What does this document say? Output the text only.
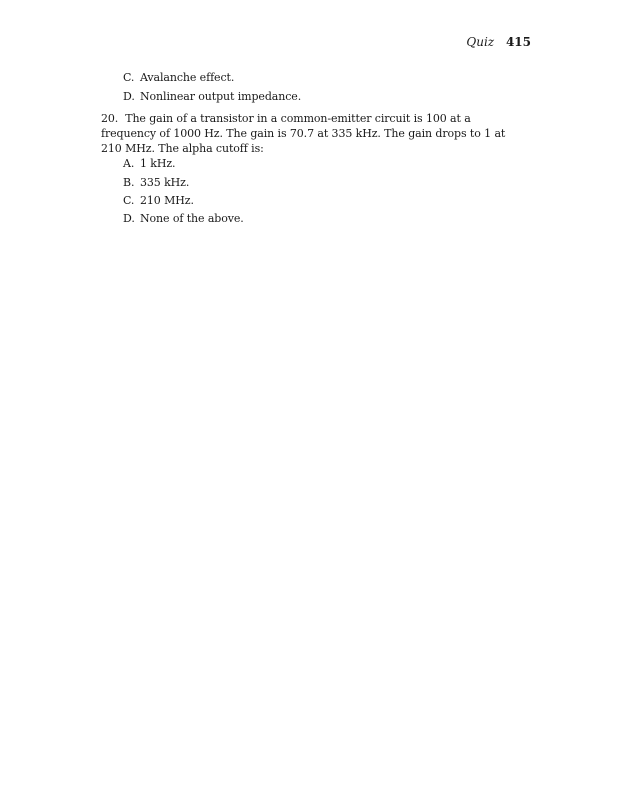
Quiz 415
C. Avalanche effect.
D. Nonlinear output impedance.
20. The gain of a transistor in a common-emitter circuit is 100 at a frequency of 1000 Hz. The gain is 70.7 at 335 kHz. The gain drops to 1 at 210 MHz. The alpha cutoff is:
A. 1 kHz.
B. 335 kHz.
C. 210 MHz.
D. None of the above.
